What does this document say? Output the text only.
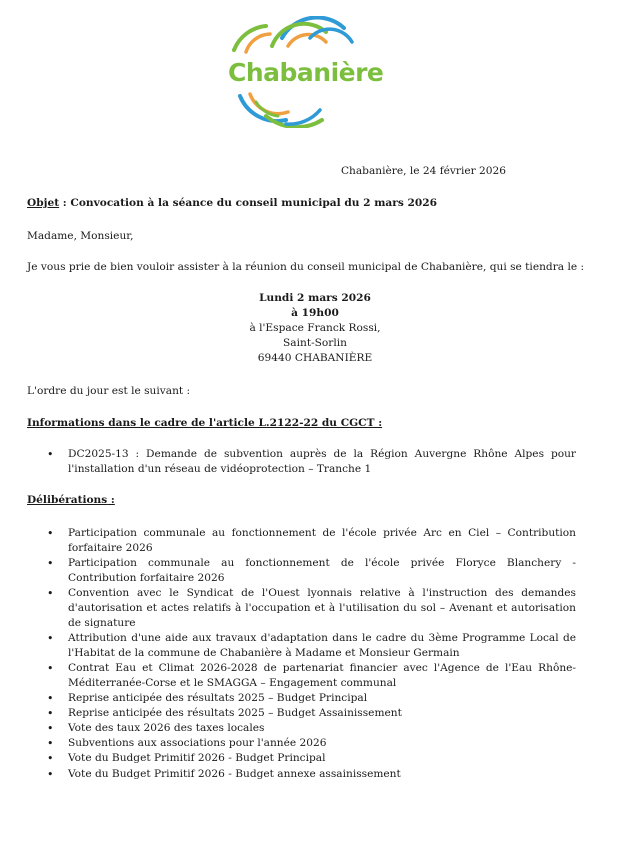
Chabanière
Chabanière, le 24 février 2026
Objet : Convocation à la séance du conseil municipal du 2 mars 2026
Madame, Monsieur,
Je vous prie de bien vouloir assister à la réunion du conseil municipal de Chabanière, qui se tiendra le :
Lundi 2 mars 2026
à 19h00
à l'Espace Franck Rossi,
Saint-Sorlin
69440 CHABANIÈRE
L'ordre du jour est le suivant :
Informations dans le cadre de l'article L.2122-22 du CGCT :
• DC2025-13 : Demande de subvention auprès de la Région Auvergne Rhône Alpes pour l'installation d'un réseau de vidéoprotection – Tranche 1
Délibérations :
• Participation communale au fonctionnement de l'école privée Arc en Ciel – Contribution forfaitaire 2026
• Participation communale au fonctionnement de l'école privée Floryce Blanchery - Contribution forfaitaire 2026
• Convention avec le Syndicat de l'Ouest lyonnais relative à l'instruction des demandes d'autorisation et actes relatifs à l'occupation et à l'utilisation du sol – Avenant et autorisation de signature
• Attribution d'une aide aux travaux d'adaptation dans le cadre du 3ème Programme Local de l'Habitat de la commune de Chabanière à Madame et Monsieur Germain
• Contrat Eau et Climat 2026-2028 de partenariat financier avec l'Agence de l'Eau Rhône-Méditerranée-Corse et le SMAGGA – Engagement communal
• Reprise anticipée des résultats 2025 – Budget Principal
• Reprise anticipée des résultats 2025 – Budget Assainissement
• Vote des taux 2026 des taxes locales
• Subventions aux associations pour l'année 2026
• Vote du Budget Primitif 2026 - Budget Principal
• Vote du Budget Primitif 2026 - Budget annexe assainissement
